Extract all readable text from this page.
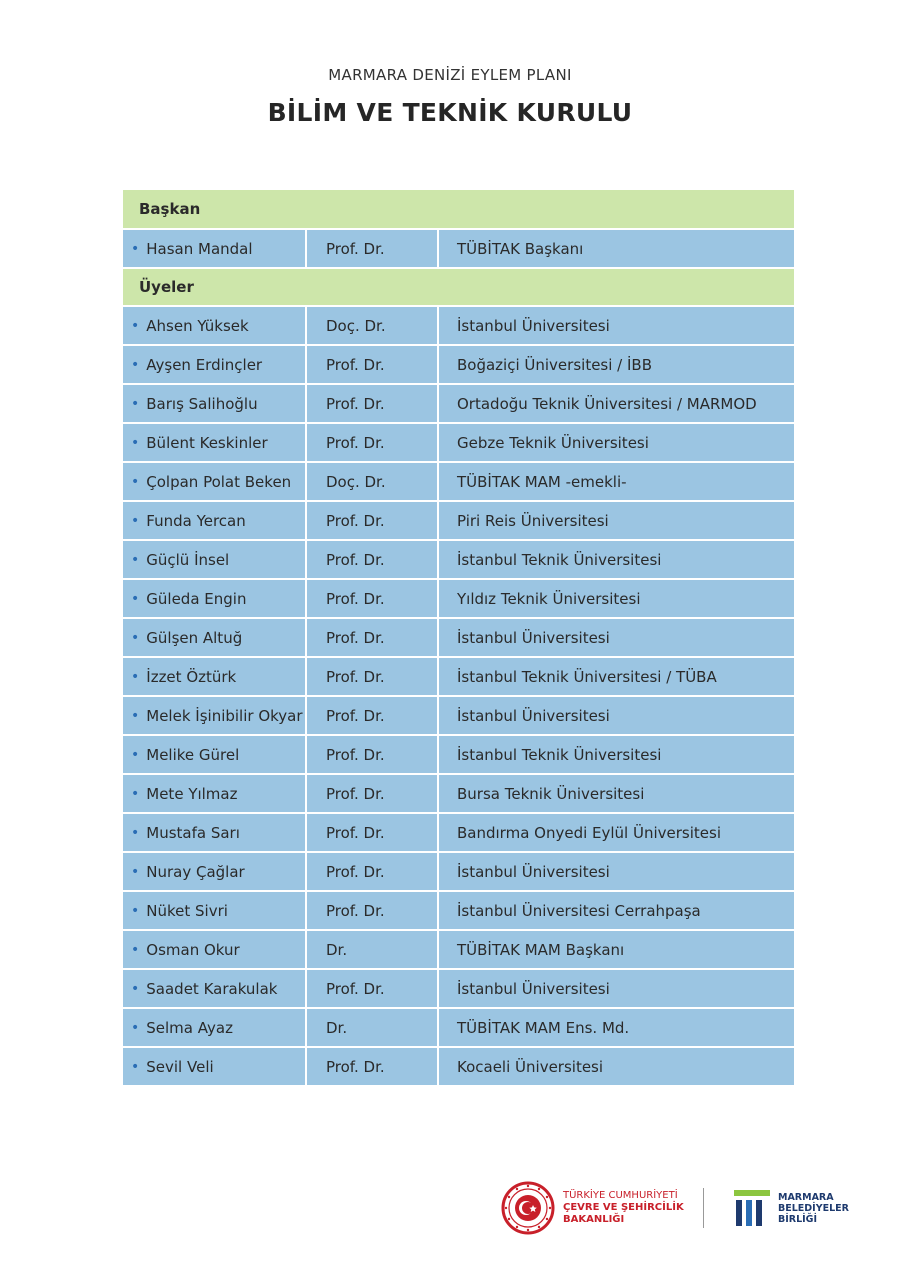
MARMARA DENİZİ EYLEM PLANI
BİLİM VE TEKNİK KURULU
Başkan
• Hasan Mandal	Prof. Dr.	TÜBİTAK Başkanı
Üyeler
• Ahsen Yüksek	Doç. Dr.	İstanbul Üniversitesi
• Ayşen Erdinçler	Prof. Dr.	Boğaziçi Üniversitesi / İBB
• Barış Salihoğlu	Prof. Dr.	Ortadoğu Teknik Üniversitesi / MARMOD
• Bülent Keskinler	Prof. Dr.	Gebze Teknik Üniversitesi
• Çolpan Polat Beken	Doç. Dr.	TÜBİTAK MAM -emekli-
• Funda Yercan	Prof. Dr.	Piri Reis Üniversitesi
• Güçlü İnsel	Prof. Dr.	İstanbul Teknik Üniversitesi
• Güleda Engin	Prof. Dr.	Yıldız Teknik Üniversitesi
• Gülşen Altuğ	Prof. Dr.	İstanbul Üniversitesi
• İzzet Öztürk	Prof. Dr.	İstanbul Teknik Üniversitesi / TÜBA
• Melek İşinibilir Okyar	Prof. Dr.	İstanbul Üniversitesi
• Melike Gürel	Prof. Dr.	İstanbul Teknik Üniversitesi
• Mete Yılmaz	Prof. Dr.	Bursa Teknik Üniversitesi
• Mustafa Sarı	Prof. Dr.	Bandırma Onyedi Eylül Üniversitesi
• Nuray Çağlar	Prof. Dr.	İstanbul Üniversitesi
• Nüket Sivri	Prof. Dr.	İstanbul Üniversitesi Cerrahpaşa
• Osman Okur	Dr.	TÜBİTAK MAM Başkanı
• Saadet Karakulak	Prof. Dr.	İstanbul Üniversitesi
• Selma Ayaz	Dr.	TÜBİTAK MAM Ens. Md.
• Sevil Veli	Prof. Dr.	Kocaeli Üniversitesi
TÜRKİYE CUMHURİYETİ
ÇEVRE VE ŞEHİRCİLİK
BAKANLIĞI
MARMARA
BELEDİYELER
BİRLİĞİ
